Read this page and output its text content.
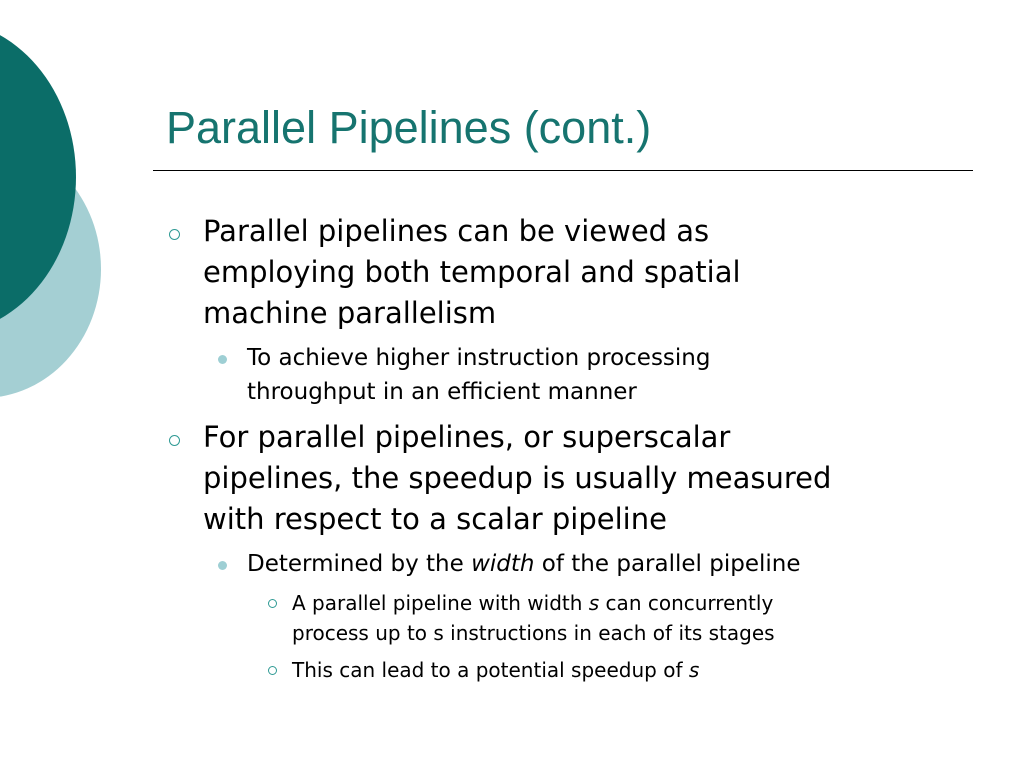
Parallel Pipelines (cont.)
Parallel pipelines can be viewed as
employing both temporal and spatial
machine parallelism
To achieve higher instruction processing
throughput in an efficient manner
For parallel pipelines, or superscalar
pipelines, the speedup is usually measured
with respect to a scalar pipeline
Determined by the width of the parallel pipeline
A parallel pipeline with width s can concurrently
process up to s instructions in each of its stages
This can lead to a potential speedup of s
